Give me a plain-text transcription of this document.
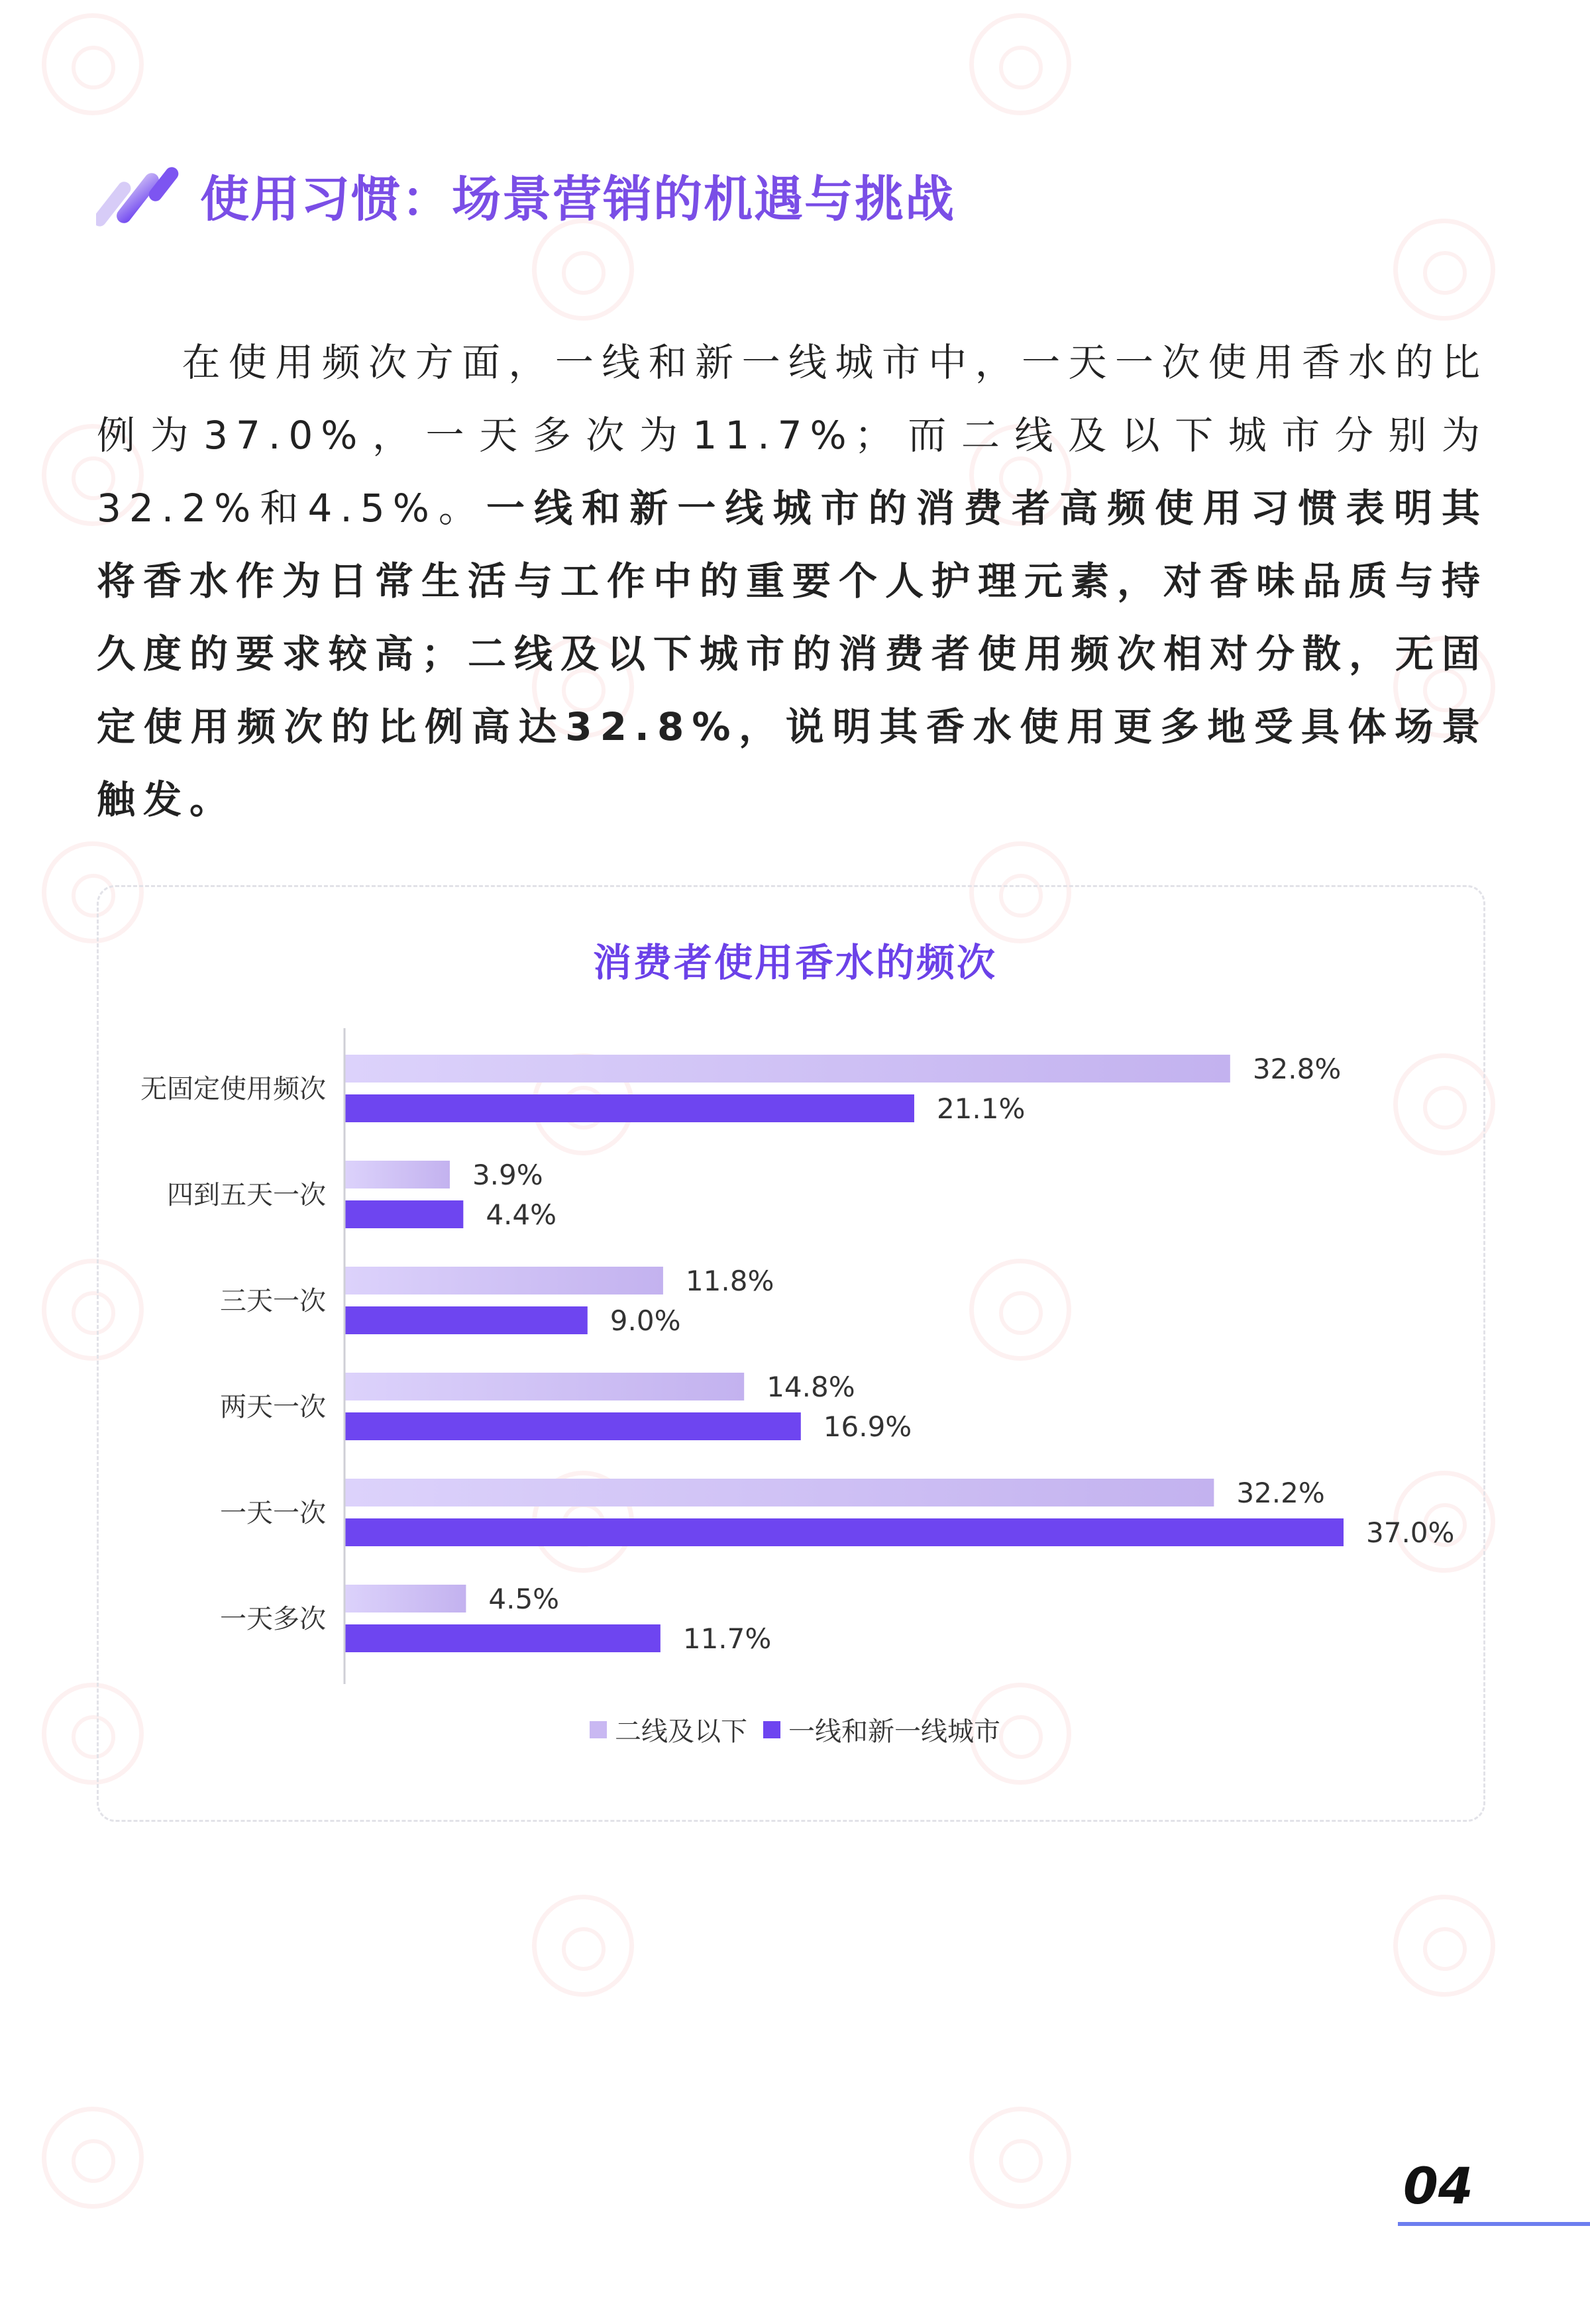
使用习惯：场景营销的机遇与挑战
在使用频次方面，一线和新一线城市中，一天一次使用香水的比例为37.0%，一天多次为11.7%；而二线及以下城市分别为32.2%和4.5%。一线和新一线城市的消费者高频使用习惯表明其将香水作为日常生活与工作中的重要个人护理元素，对香味品质与持久度的要求较高；二线及以下城市的消费者使用频次相对分散，无固定使用频次的比例高达32.8%，说明其香水使用更多地受具体场景触发。
消费者使用香水的频次
无固定使用频次
32.8%
21.1%
四到五天一次
3.9%
4.4%
三天一次
11.8%
9.0%
两天一次
14.8%
16.9%
一天一次
32.2%
37.0%
一天多次
4.5%
11.7%
二线及以下 一线和新一线城市
04
